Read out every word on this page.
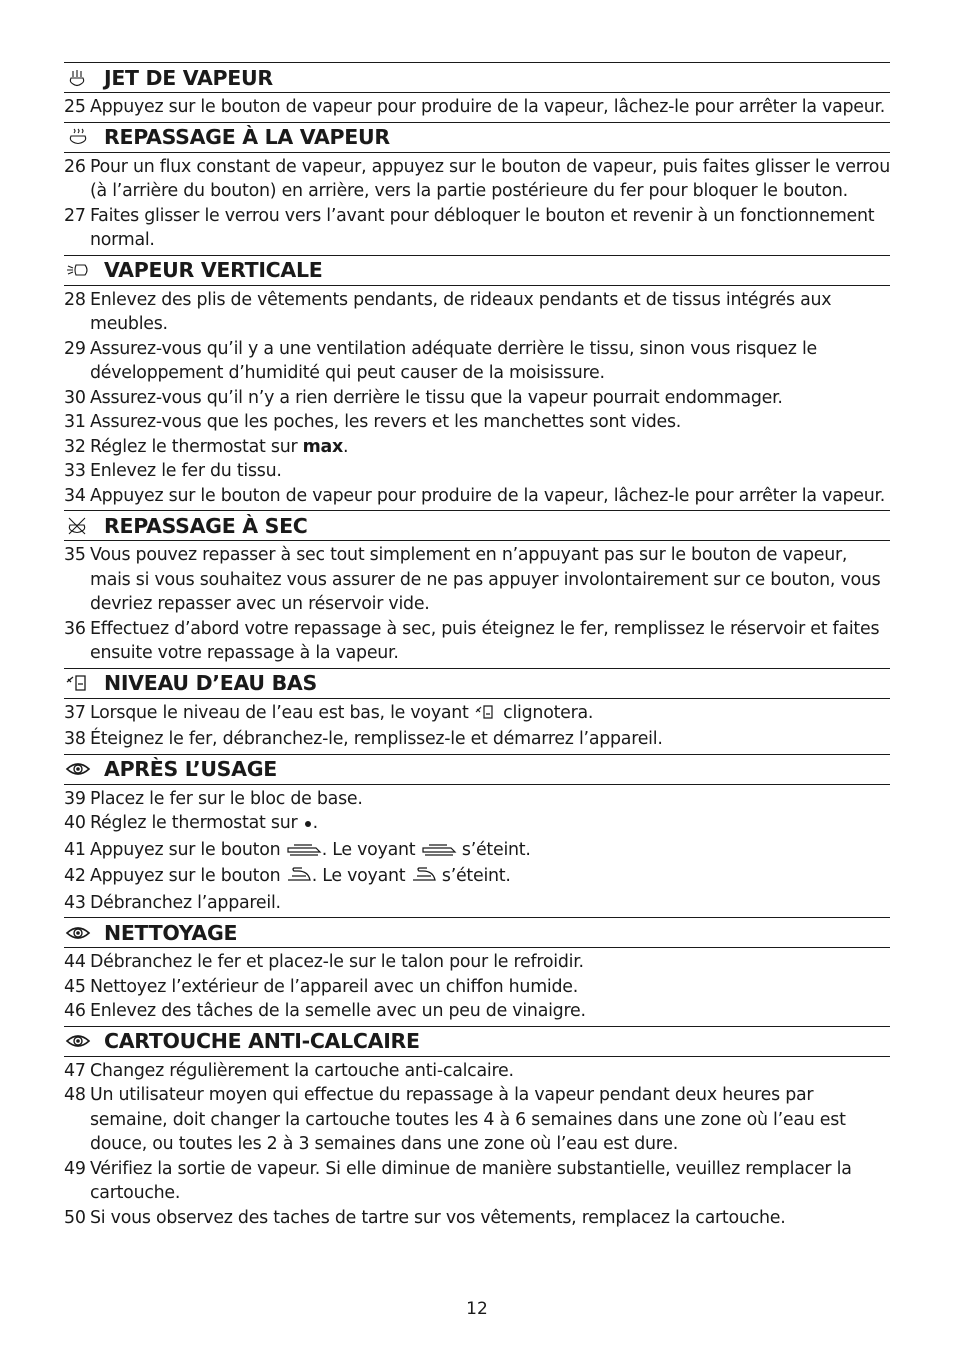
JET DE VAPEUR
25 Appuyez sur le bouton de vapeur pour produire de la vapeur, lâchez-le pour arrêter la vapeur.
REPASSAGE À LA VAPEUR
26 Pour un flux constant de vapeur, appuyez sur le bouton de vapeur, puis faites glisser le verrou (à l’arrière du bouton) en arrière, vers la partie postérieure du fer pour bloquer le bouton.
27 Faites glisser le verrou vers l’avant pour débloquer le bouton et revenir à un fonctionnement normal.
VAPEUR VERTICALE
28 Enlevez des plis de vêtements pendants, de rideaux pendants et de tissus intégrés aux meubles.
29 Assurez-vous qu’il y a une ventilation adéquate derrière le tissu, sinon vous risquez le développement d’humidité qui peut causer de la moisissure.
30 Assurez-vous qu’il n’y a rien derrière le tissu que la vapeur pourrait endommager.
31 Assurez-vous que les poches, les revers et les manchettes sont vides.
32 Réglez le thermostat sur max.
33 Enlevez le fer du tissu.
34 Appuyez sur le bouton de vapeur pour produire de la vapeur, lâchez-le pour arrêter la vapeur.
REPASSAGE À SEC
35 Vous pouvez repasser à sec tout simplement en n’appuyant pas sur le bouton de vapeur, mais si vous souhaitez vous assurer de ne pas appuyer involontairement sur ce bouton, vous devriez repasser avec un réservoir vide.
36 Effectuez d’abord votre repassage à sec, puis éteignez le fer, remplissez le réservoir et faites ensuite votre repassage à la vapeur.
NIVEAU D’EAU BAS
37 Lorsque le niveau de l’eau est bas, le voyant  clignotera.
38 Éteignez le fer, débranchez-le, remplissez-le et démarrez l’appareil.
APRÈS L’USAGE
39 Placez le fer sur le bloc de base.
40 Réglez le thermostat sur .
41 Appuyez sur le bouton . Le voyant  s’éteint.
42 Appuyez sur le bouton . Le voyant  s’éteint.
43 Débranchez l’appareil.
NETTOYAGE
44 Débranchez le fer et placez-le sur le talon pour le refroidir.
45 Nettoyez l’extérieur de l’appareil avec un chiffon humide.
46 Enlevez des tâches de la semelle avec un peu de vinaigre.
CARTOUCHE ANTI-CALCAIRE
47 Changez régulièrement la cartouche anti-calcaire.
48 Un utilisateur moyen qui effectue du repassage à la vapeur pendant deux heures par semaine, doit changer la cartouche toutes les 4 à 6 semaines dans une zone où l’eau est douce, ou toutes les 2 à 3 semaines dans une zone où l’eau est dure.
49 Vérifiez la sortie de vapeur. Si elle diminue de manière substantielle, veuillez remplacer la cartouche.
50 Si vous observez des taches de tartre sur vos vêtements, remplacez la cartouche.
12
